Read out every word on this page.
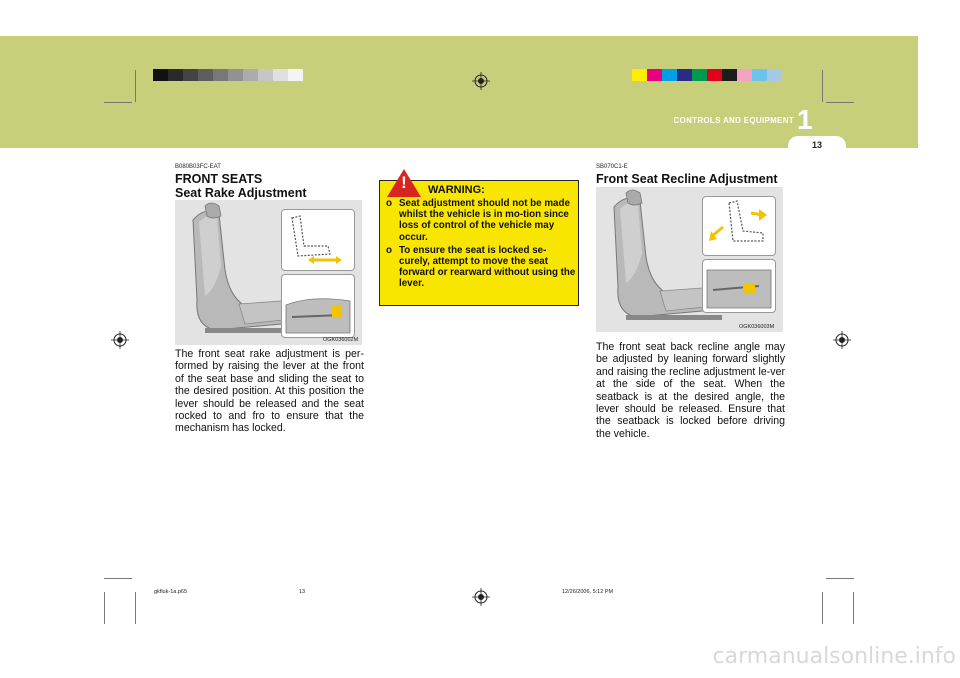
1
CONTROLS AND EQUIPMENT
13
B080B03FC-EAT
FRONT SEATS
Seat Rake Adjustment
OGK036002M
The front seat rake adjustment is per-formed by raising the lever at the front of the seat base and sliding the seat to the desired position. At this position the lever should be released and the seat rocked to and fro to ensure that the mechanism has locked.
! WARNING:
o Seat adjustment should not be made whilst the vehicle is in mo-tion since loss of control of the vehicle may occur.
o To ensure the seat is locked se-curely, attempt to move the seat forward or rearward without using the lever.
SB070C1-E
Front Seat Recline Adjustment
OGK036003M
The front seat back recline angle may be adjusted by leaning forward slightly and raising the recline adjustment le-ver at the side of the seat. When the seatback is at the desired angle, the lever should be released. Ensure that the seatback is locked before driving the vehicle.
gkfluk-1a.p65	13	12/26/2006, 5:12 PM
carmanualsonline.info
